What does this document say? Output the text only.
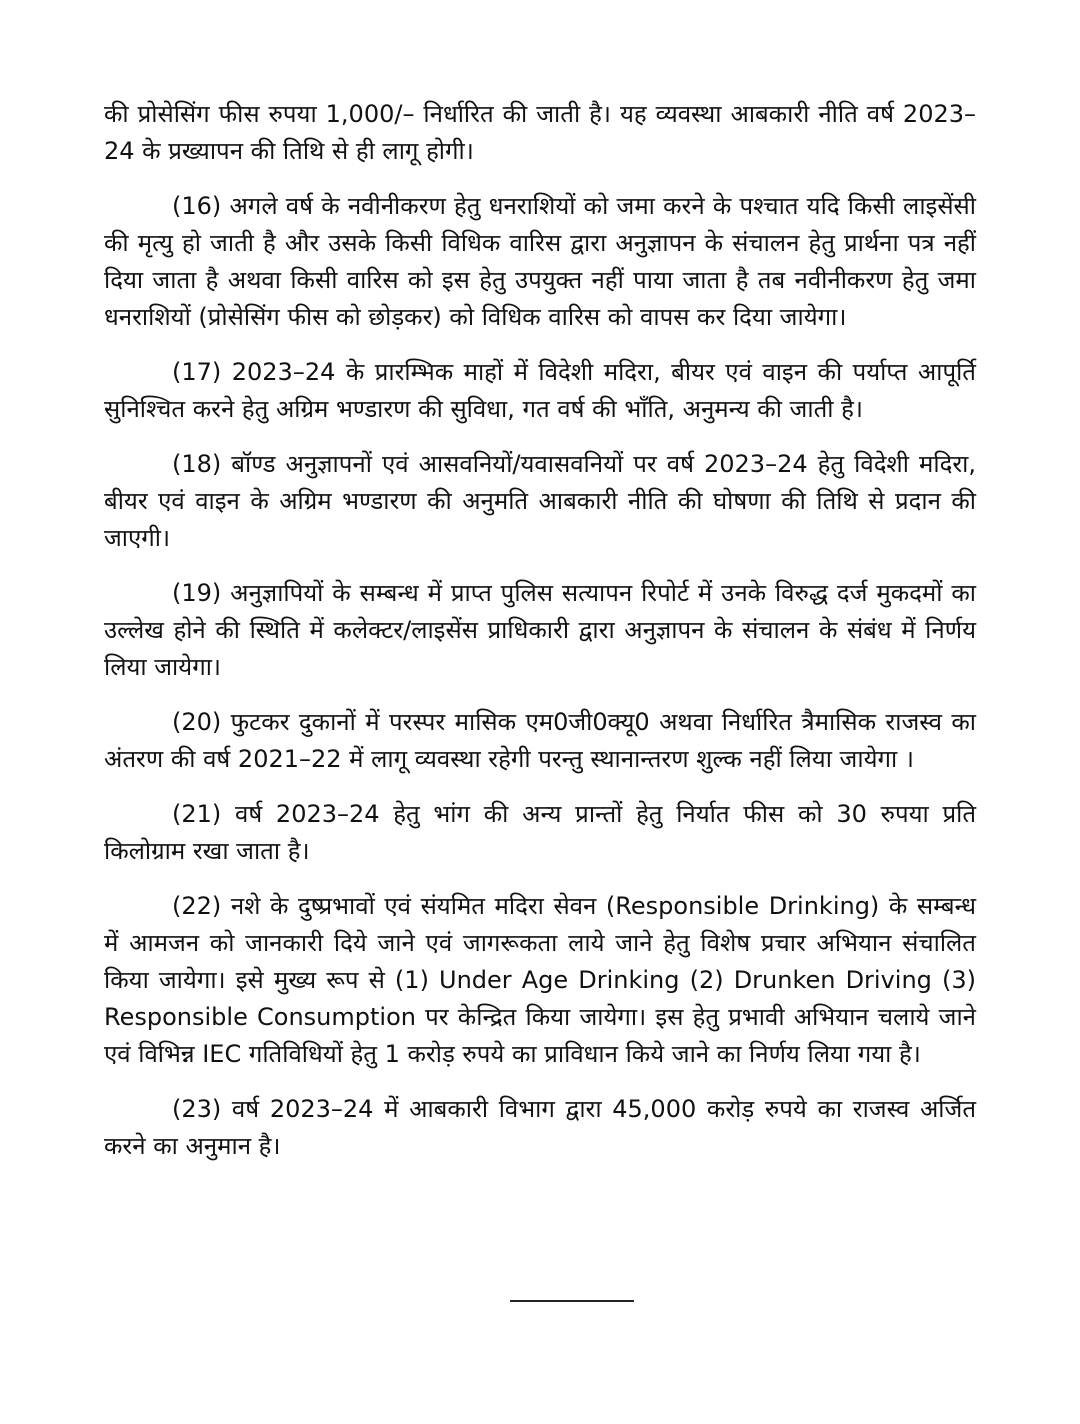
की प्रोसेसिंग फीस रुपया 1,000/– निर्धारित की जाती है। यह व्यवस्था आबकारी नीति वर्ष 2023–24 के प्रख्यापन की तिथि से ही लागू होगी।

(16) अगले वर्ष के नवीनीकरण हेतु धनराशियों को जमा करने के पश्चात यदि किसी लाइसेंसी की मृत्यु हो जाती है और उसके किसी विधिक वारिस द्वारा अनुज्ञापन के संचालन हेतु प्रार्थना पत्र नहीं दिया जाता है अथवा किसी वारिस को इस हेतु उपयुक्त नहीं पाया जाता है तब नवीनीकरण हेतु जमा धनराशियों (प्रोसेसिंग फीस को छोड़कर) को विधिक वारिस को वापस कर दिया जायेगा।

(17) 2023–24 के प्रारम्भिक माहों में विदेशी मदिरा, बीयर एवं वाइन की पर्याप्त आपूर्ति सुनिश्चित करने हेतु अग्रिम भण्डारण की सुविधा, गत वर्ष की भाँति, अनुमन्य की जाती है।

(18) बॉण्ड अनुज्ञापनों एवं आसवनियों/यवासवनियों पर वर्ष 2023–24 हेतु विदेशी मदिरा, बीयर एवं वाइन के अग्रिम भण्डारण की अनुमति आबकारी नीति की घोषणा की तिथि से प्रदान की जाएगी।

(19) अनुज्ञापियों के सम्बन्ध में प्राप्त पुलिस सत्यापन रिपोर्ट में उनके विरुद्ध दर्ज मुकदमों का उल्लेख होने की स्थिति में कलेक्टर/लाइसेंस प्राधिकारी द्वारा अनुज्ञापन के संचालन के संबंध में निर्णय लिया जायेगा।

(20) फुटकर दुकानों में परस्पर मासिक एम0जी0क्यू0 अथवा निर्धारित त्रैमासिक राजस्व का अंतरण की वर्ष 2021–22 में लागू व्यवस्था रहेगी परन्तु स्थानान्तरण शुल्क नहीं लिया जायेगा ।

(21) वर्ष 2023–24 हेतु भांग की अन्य प्रान्तों हेतु निर्यात फीस को 30 रुपया प्रति किलोग्राम रखा जाता है।

(22) नशे के दुष्प्रभावों एवं संयमित मदिरा सेवन (Responsible Drinking) के सम्बन्ध में आमजन को जानकारी दिये जाने एवं जागरूकता लाये जाने हेतु विशेष प्रचार अभियान संचालित किया जायेगा। इसे मुख्य रूप से (1) Under Age Drinking (2) Drunken Driving (3) Responsible Consumption पर केन्द्रित किया जायेगा। इस हेतु प्रभावी अभियान चलाये जाने एवं विभिन्न IEC गतिविधियों हेतु 1 करोड़ रुपये का प्राविधान किये जाने का निर्णय लिया गया है।

(23) वर्ष 2023–24 में आबकारी विभाग द्वारा 45,000 करोड़ रुपये का राजस्व अर्जित करने का अनुमान है।
